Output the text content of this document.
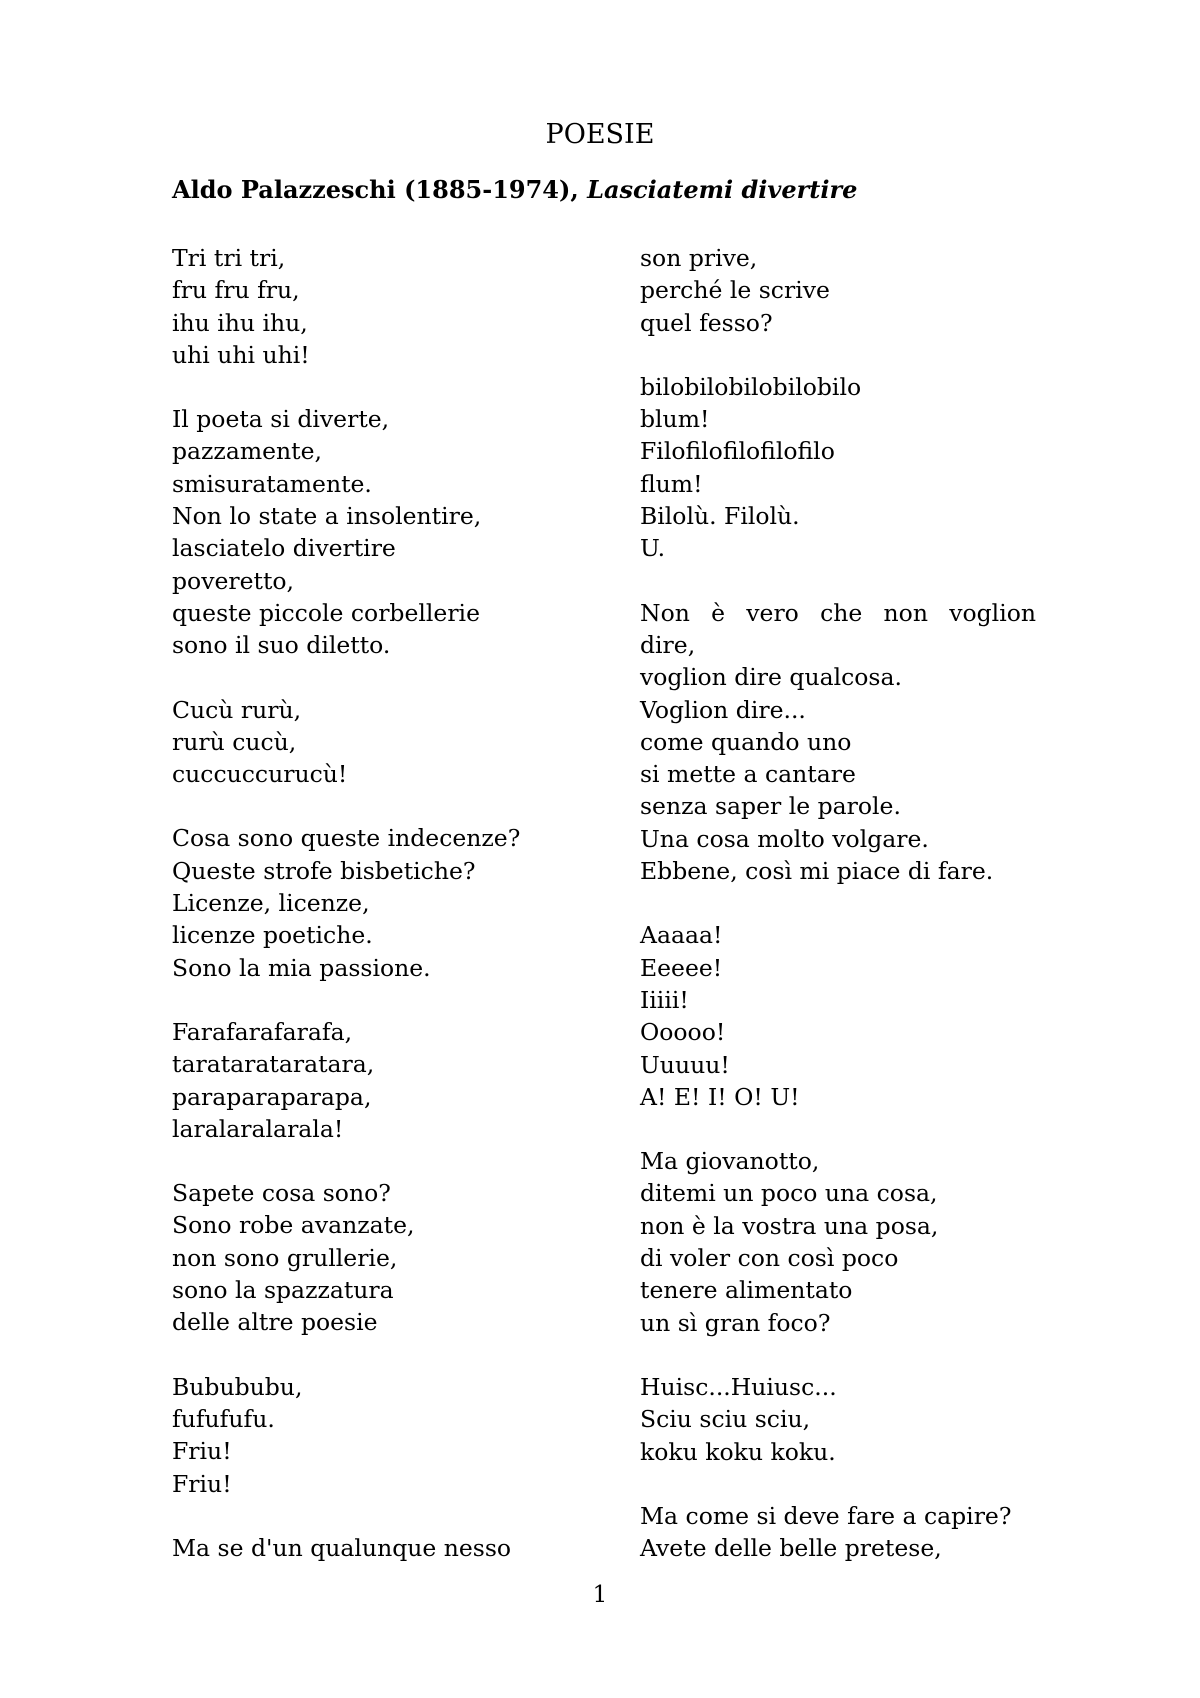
POESIE
Aldo Palazzeschi (1885-1974), Lasciatemi divertire
Tri tri tri,
fru fru fru,
ihu ihu ihu,
uhi uhi uhi!
Il poeta si diverte,
pazzamente,
smisuratamente.
Non lo state a insolentire,
lasciatelo divertire
poveretto,
queste piccole corbellerie
sono il suo diletto.
Cucù rurù,
rurù cucù,
cuccuccurucù!
Cosa sono queste indecenze?
Queste strofe bisbetiche?
Licenze, licenze,
licenze poetiche.
Sono la mia passione.
Farafarafarafa,
taratarataratara,
paraparaparapa,
laralaralarala!
Sapete cosa sono?
Sono robe avanzate,
non sono grullerie,
sono la spazzatura
delle altre poesie
Bubububu,
fufufufu.
Friu!
Friu!
Ma se d'un qualunque nesso
son prive,
perché le scrive
quel fesso?
bilobilobilobilobilo
blum!
Filofilofilofilofilo
flum!
Bilolù. Filolù.
U.
Non è vero che non voglion
dire,
voglion dire qualcosa.
Voglion dire...
come quando uno
si mette a cantare
senza saper le parole.
Una cosa molto volgare.
Ebbene, così mi piace di fare.
Aaaaa!
Eeeee!
Iiiii!
Ooooo!
Uuuuu!
A! E! I! O! U!
Ma giovanotto,
ditemi un poco una cosa,
non è la vostra una posa,
di voler con così poco
tenere alimentato
un sì gran foco?
Huisc...Huiusc...
Sciu sciu sciu,
koku koku koku.
Ma come si deve fare a capire?
Avete delle belle pretese,
1
